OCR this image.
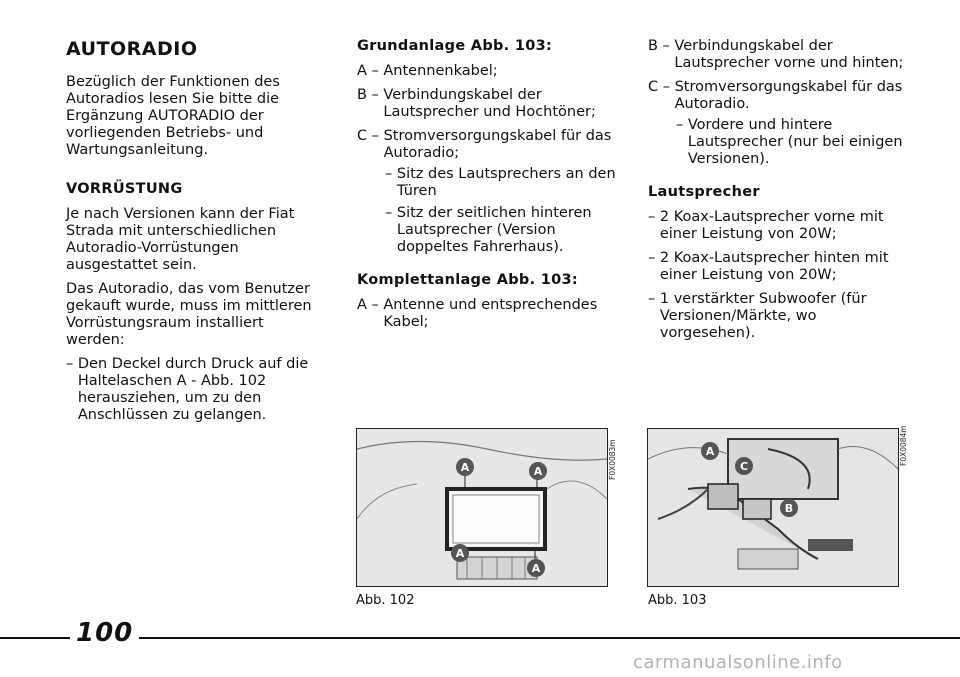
AUTORADIO

Bezüglich der Funktionen des Autoradios lesen Sie bitte die Ergänzung AUTORADIO der vorliegenden Betriebs- und Wartungsanleitung.

VORRÜSTUNG

Je nach Versionen kann der Fiat Strada mit unterschiedlichen Autoradio-Vorrüstungen ausgestattet sein.

Das Autoradio, das vom Benutzer gekauft wurde, muss im mittleren Vorrüstungsraum installiert werden:

– Den Deckel durch Druck auf die Haltelaschen A - Abb. 102 herausziehen, um zu den Anschlüssen zu gelangen.
Grundanlage Abb. 103:
A – Antennenkabel;
B – Verbindungskabel der Lautsprecher und Hochtöner;
C – Stromversorgungskabel für das Autoradio;
– Sitz des Lautsprechers an den Türen
– Sitz der seitlichen hinteren Lautsprecher (Version doppeltes Fahrerhaus).
Komplettanlage Abb. 103:
A – Antenne und entsprechendes Kabel;
B – Verbindungskabel der Lautsprecher vorne und hinten;
C – Stromversorgungskabel für das Autoradio.
– Vordere und hintere Lautsprecher (nur bei einigen Versionen).
Lautsprecher
– 2 Koax-Lautsprecher vorne mit einer Leistung von 20W;
– 2 Koax-Lautsprecher hinten mit einer Leistung von 20W;
– 1 verstärkter Subwoofer (für Versionen/Märkte, wo vorgesehen).
A	A
A
A
F0X0083m
Abb. 102
A
C
B
F0X0084m
Abb. 103
100
carmanualsonline.info
